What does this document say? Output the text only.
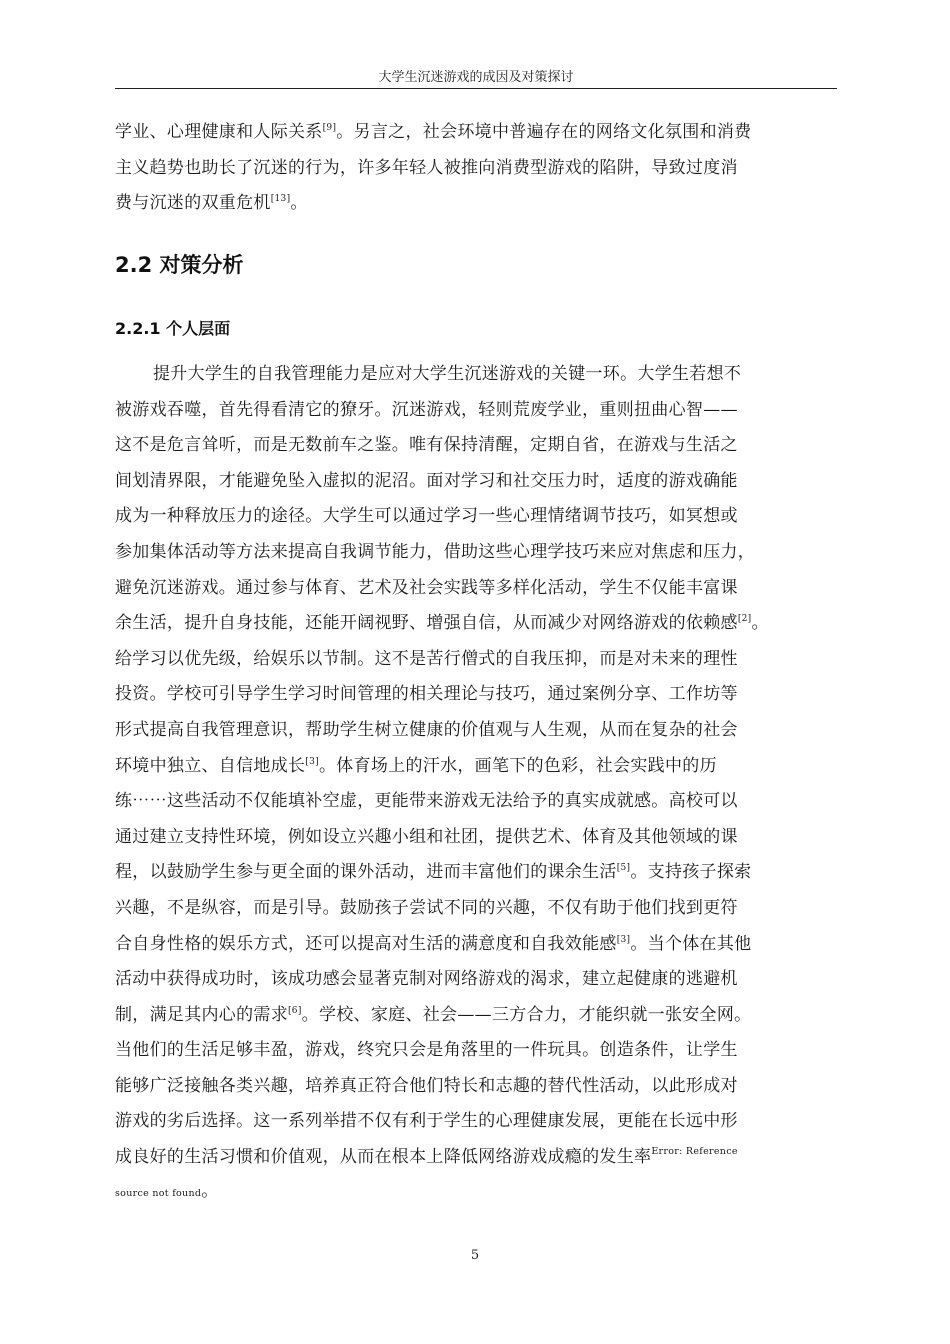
大学生沉迷游戏的成因及对策探讨
学业、心理健康和人际关系[9]。另言之，社会环境中普遍存在的网络文化氛围和消费
主义趋势也助长了沉迷的行为，许多年轻人被推向消费型游戏的陷阱，导致过度消
费与沉迷的双重危机[13]。
2.2 对策分析
2.2.1 个人层面
提升大学生的自我管理能力是应对大学生沉迷游戏的关键一环。大学生若想不
被游戏吞噬，首先得看清它的獠牙。沉迷游戏，轻则荒废学业，重则扭曲心智——
这不是危言耸听，而是无数前车之鉴。唯有保持清醒，定期自省，在游戏与生活之
间划清界限，才能避免坠入虚拟的泥沼。面对学习和社交压力时，适度的游戏确能
成为一种释放压力的途径。大学生可以通过学习一些心理情绪调节技巧，如冥想或
参加集体活动等方法来提高自我调节能力，借助这些心理学技巧来应对焦虑和压力，
避免沉迷游戏。通过参与体育、艺术及社会实践等多样化活动，学生不仅能丰富课
余生活，提升自身技能，还能开阔视野、增强自信，从而减少对网络游戏的依赖感[2]。
给学习以优先级，给娱乐以节制。这不是苦行僧式的自我压抑，而是对未来的理性
投资。学校可引导学生学习时间管理的相关理论与技巧，通过案例分享、工作坊等
形式提高自我管理意识，帮助学生树立健康的价值观与人生观，从而在复杂的社会
环境中独立、自信地成长[3]。体育场上的汗水，画笔下的色彩，社会实践中的历
练⋯⋯这些活动不仅能填补空虚，更能带来游戏无法给予的真实成就感。高校可以
通过建立支持性环境，例如设立兴趣小组和社团，提供艺术、体育及其他领域的课
程，以鼓励学生参与更全面的课外活动，进而丰富他们的课余生活[5]。支持孩子探索
兴趣，不是纵容，而是引导。鼓励孩子尝试不同的兴趣，不仅有助于他们找到更符
合自身性格的娱乐方式，还可以提高对生活的满意度和自我效能感[3]。当个体在其他
活动中获得成功时，该成功感会显著克制对网络游戏的渴求，建立起健康的逃避机
制，满足其内心的需求[6]。学校、家庭、社会——三方合力，才能织就一张安全网。
当他们的生活足够丰盈，游戏，终究只会是角落里的一件玩具。创造条件，让学生
能够广泛接触各类兴趣，培养真正符合他们特长和志趣的替代性活动，以此形成对
游戏的劣后选择。这一系列举措不仅有利于学生的心理健康发展，更能在长远中形
成良好的生活习惯和价值观，从而在根本上降低网络游戏成瘾的发生率$^{Error: Reference}$
source not found。
5
